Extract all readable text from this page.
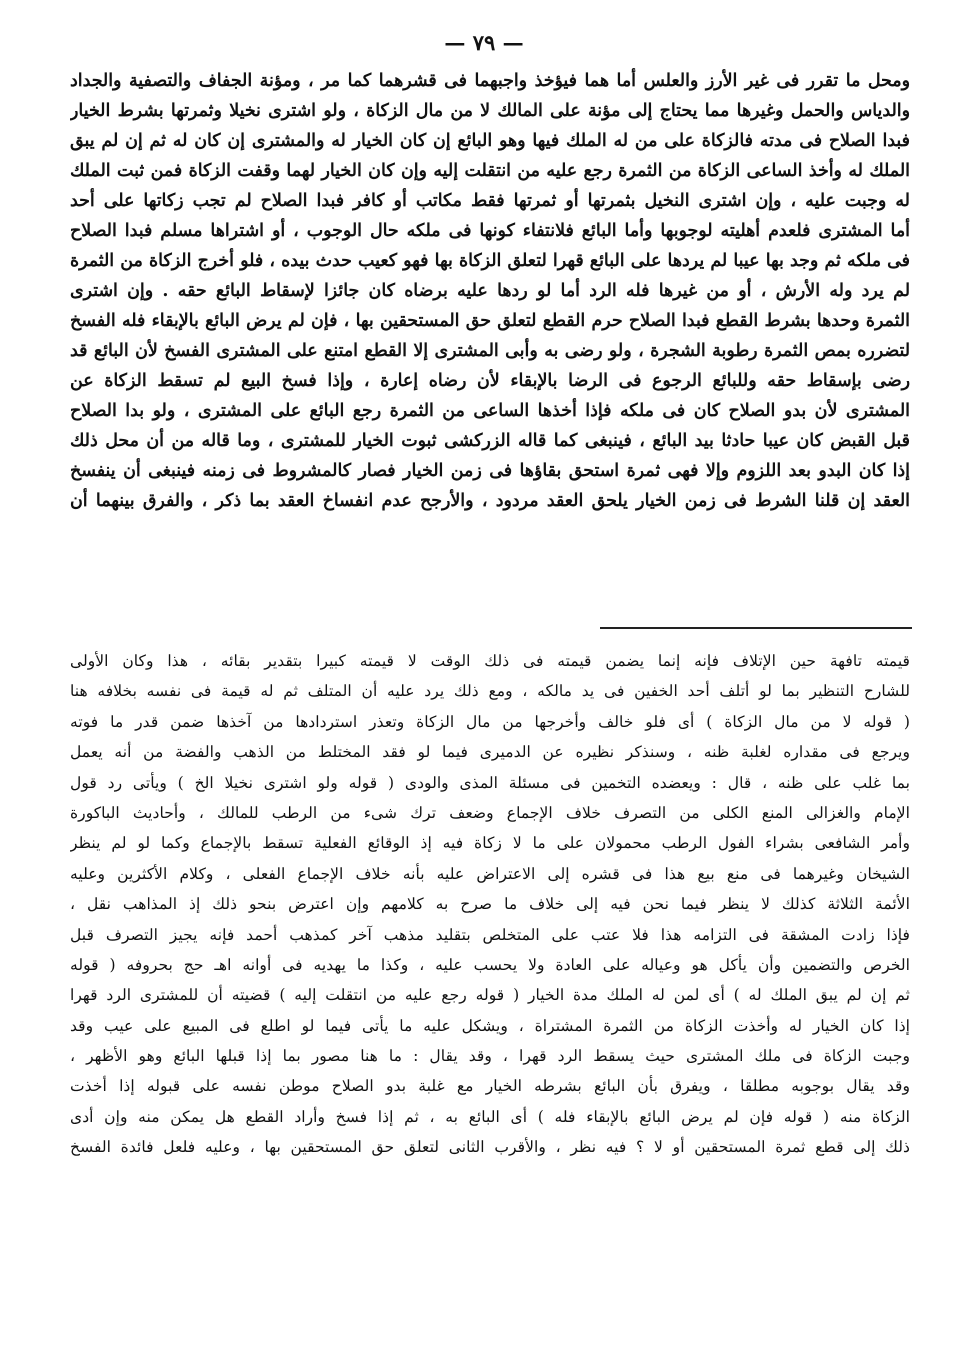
— ٧٩ —
ومحل ما تقرر فى غير الأرز والعلس أما هما فيؤخذ واجبهما فى قشرهما كما مر ، ومؤنة الجفاف والتصفية والجداد
والدياس والحمل وغيرها مما يحتاج إلى مؤنة على المالك لا من مال الزكاة ، ولو اشترى نخيلا وثمرتها بشرط الخيار
فبدا الصلاح فى مدته فالزكاة على من له الملك فيها وهو البائع إن كان الخيار له والمشترى إن كان له ثم إن لم يبق
الملك له وأخذ الساعى الزكاة من الثمرة رجع عليه من انتقلت إليه وإن كان الخيار لهما وقفت الزكاة فمن ثبت الملك
له وجبت عليه ، وإن اشترى النخيل بثمرتها أو ثمرتها فقط مكاتب أو كافر فبدا الصلاح لم تجب زكاتها على أحد
أما المشترى فلعدم أهليته لوجوبها وأما البائع فلانتفاء كونها فى ملكه حال الوجوب ، أو اشتراها مسلم فبدا الصلاح
فى ملكه ثم وجد بها عيبا لم يردها على البائع قهرا لتعلق الزكاة بها فهو كعيب حدث بيده ، فلو أخرج الزكاة من الثمرة
لم يرد وله الأرش ، أو من غيرها فله الرد أما لو ردها عليه برضاه كان جائزا لإسقاط البائع حقه . وإن اشترى
الثمرة وحدها بشرط القطع فبدا الصلاح حرم القطع لتعلق حق المستحقين بها ، فإن لم يرض البائع بالإبقاء فله الفسخ
لتضرره بمص الثمرة رطوبة الشجرة ، ولو رضى به وأبى المشترى إلا القطع امتنع على المشترى الفسخ لأن البائع قد
رضى بإسقاط حقه وللبائع الرجوع فى الرضا بالإبقاء لأن رضاه إعارة ، وإذا فسخ البيع لم تسقط الزكاة عن
المشترى لأن بدو الصلاح كان فى ملكه فإذا أخذها الساعى من الثمرة رجع البائع على المشترى ، ولو بدا الصلاح
قبل القبض كان عيبا حادثا بيد البائع ، فينبغى كما قاله الزركشى ثبوت الخيار للمشترى ، وما قاله من أن محل ذلك
إذا كان البدو بعد اللزوم وإلا فهى ثمرة استحق بقاؤها فى زمن الخيار فصار كالمشروط فى زمنه فينبغى أن ينفسخ
العقد إن قلنا الشرط فى زمن الخيار يلحق العقد مردود ، والأرجح عدم انفساخ العقد بما ذكر ، والفرق بينهما أن
قيمته تافهة حين الإتلاف فإنه إنما يضمن قيمته فى ذلك الوقت لا قيمته كبيرا بتقدير بقائه ، هذا وكان الأولى
للشارح التنظير بما لو أتلف أحد الخفين فى يد مالكه ، ومع ذلك يرد عليه أن المتلف ثم له قيمة فى نفسه بخلافه هنا
( قوله لا من مال الزكاة ) أى فلو خالف وأخرجها من مال الزكاة وتعذر استردادها من آخذها ضمن قدر ما فوته
ويرجع فى مقداره لغلبة ظنه ، وسنذكر نظيره عن الدميرى فيما لو فقد المختلط من الذهب والفضة من أنه يعمل
بما غلب على ظنه ، قال : ويعضده التخمين فى مسئلة المذى والودى ( قوله ولو اشترى نخيلا الخ ) ويأتى رد قول
الإمام والغزالى المنع الكلى من التصرف خلاف الإجماع وضعف ترك شىء من الرطب للمالك ، وأحاديث الباكورة
وأمر الشافعى بشراء الفول الرطب محمولان على ما لا زكاة فيه إذ الوقائع الفعلية تسقط بالإجماع وكما لو لم ينظر
الشيخان وغيرهما فى منع بيع هذا فى قشره إلى الاعتراض عليه بأنه خلاف الإجماع الفعلى ، وكلام الأكثرين وعليه
الأئمة الثلاثة كذلك لا ينظر فيما نحن فيه إلى خلاف ما صرح به كلامهم وإن اعترض بنحو ذلك إذ المذاهب نقل ،
فإذا زادت المشقة فى التزامه هذا فلا عتب على المتخلص بتقليد مذهب آخر كمذهب أحمد فإنه يجيز التصرف قبل
الخرص والتضمين وأن يأكل هو وعياله على العادة ولا يحسب عليه ، وكذا ما يهديه فى أوانه اهـ حج بحروفه ( قوله
ثم إن لم يبق الملك له ) أى لمن له الملك مدة الخيار ( قوله رجع عليه من انتقلت إليه ) قضيته أن للمشترى الرد قهرا
إذا كان الخيار له وأخذت الزكاة من الثمرة المشتراة ، ويشكل عليه ما يأتى فيما لو اطلع فى المبيع على عيب وقد
وجبت الزكاة فى ملك المشترى حيث يسقط الرد قهرا ، وقد يقال : ما هنا مصور بما إذا قبلها البائع وهو الأظهر ،
وقد يقال بوجوبه مطلقا ، ويفرق بأن البائع بشرطه الخيار مع غلبة بدو الصلاح موطن نفسه على قبوله إذا أخذت
الزكاة منه ( قوله فإن لم يرض البائع بالإبقاء فله ) أى البائع به ، ثم إذا فسخ وأراد القطع هل يمكن منه وإن أدى
ذلك إلى قطع ثمرة المستحقين أو لا ؟ فيه نظر ، والأقرب الثانى لتعلق حق المستحقين بها ، وعليه فلعل فائدة الفسخ
